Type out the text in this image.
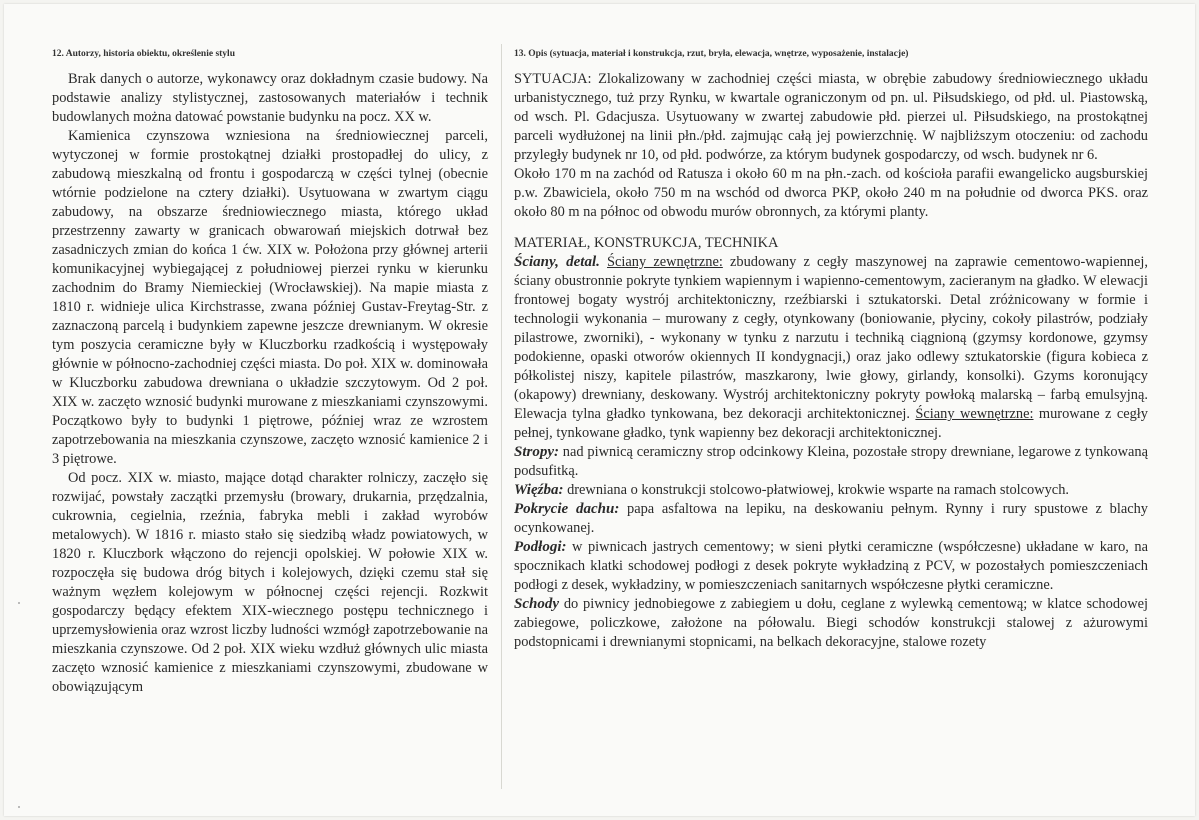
12. Autorzy, historia obiektu, określenie stylu	13. Opis (sytuacja, materiał i konstrukcja, rzut, bryła, elewacja, wnętrze, wyposażenie, instalacje)

Brak danych o autorze, wykonawcy oraz dokładnym czasie budowy. Na podstawie analizy stylistycznej, zastosowanych materiałów i technik budowlanych można datować powstanie budynku na pocz. XX w.

Kamienica czynszowa wzniesiona na średniowiecznej parceli, wytyczonej w formie prostokątnej działki prostopadłej do ulicy, z zabudową mieszkalną od frontu i gospodarczą w części tylnej (obecnie wtórnie podzielone na cztery działki). Usytuowana w zwartym ciągu zabudowy, na obszarze średniowiecznego miasta, którego układ przestrzenny zawarty w granicach obwarowań miejskich dotrwał bez zasadniczych zmian do końca 1 ćw. XIX w. Położona przy głównej arterii komunikacyjnej wybiegającej z południowej pierzei rynku w kierunku zachodnim do Bramy Niemieckiej (Wrocławskiej). Na mapie miasta z 1810 r. widnieje ulica Kirchstrasse, zwana później Gustav-Freytag-Str. z zaznaczoną parcelą i budynkiem zapewne jeszcze drewnianym. W okresie tym poszycia ceramiczne były w Kluczborku rzadkością i występowały głównie w północno-zachodniej części miasta. Do poł. XIX w. dominowała w Kluczborku zabudowa drewniana o układzie szczytowym. Od 2 poł. XIX w. zaczęto wznosić budynki murowane z mieszkaniami czynszowymi. Początkowo były to budynki 1 piętrowe, później wraz ze wzrostem zapotrzebowania na mieszkania czynszowe, zaczęto wznosić kamienice 2 i 3 piętrowe.

Od pocz. XIX w. miasto, mające dotąd charakter rolniczy, zaczęło się rozwijać, powstały zaczątki przemysłu (browary, drukarnia, przędzalnia, cukrownia, cegielnia, rzeźnia, fabryka mebli i zakład wyrobów metalowych). W 1816 r. miasto stało się siedzibą władz powiatowych, w 1820 r. Kluczbork włączono do rejencji opolskiej. W połowie XIX w. rozpoczęła się budowa dróg bitych i kolejowych, dzięki czemu stał się ważnym węzłem kolejowym w północnej części rejencji. Rozkwit gospodarczy będący efektem XIX-wiecznego postępu technicznego i uprzemysłowienia oraz wzrost liczby ludności wzmógł zapotrzebowanie na mieszkania czynszowe. Od 2 poł. XIX wieku wzdłuż głównych ulic miasta zaczęto wznosić kamienice z mieszkaniami czynszowymi, zbudowane w obowiązującym

SYTUACJA: Zlokalizowany w zachodniej części miasta, w obrębie zabudowy średniowiecznego układu urbanistycznego, tuż przy Rynku, w kwartale ograniczonym od pn. ul. Piłsudskiego, od płd. ul. Piastowską, od wsch. Pl. Gdacjusza. Usytuowany w zwartej zabudowie płd. pierzei ul. Piłsudskiego, na prostokątnej parceli wydłużonej na linii płn./płd. zajmując całą jej powierzchnię. W najbliższym otoczeniu: od zachodu przyległy budynek nr 10, od płd. podwórze, za którym budynek gospodarczy, od wsch. budynek nr 6.

Około 170 m na zachód od Ratusza i około 60 m na płn.-zach. od kościoła parafii ewangelicko augsburskiej p.w. Zbawiciela, około 750 m na wschód od dworca PKP, około 240 m na południe od dworca PKS. oraz około 80 m na północ od obwodu murów obronnych, za którymi planty.

MATERIAŁ, KONSTRUKCJA, TECHNIKA

Ściany, detal. Ściany zewnętrzne: zbudowany z cegły maszynowej na zaprawie cementowo-wapiennej, ściany obustronnie pokryte tynkiem wapiennym i wapienno-cementowym, zacieranym na gładko. W elewacji frontowej bogaty wystrój architektoniczny, rzeźbiarski i sztukatorski. Detal zróżnicowany w formie i technologii wykonania – murowany z cegły, otynkowany (boniowanie, płyciny, cokoły pilastrów, podziały pilastrowe, zworniki), - wykonany w tynku z narzutu i techniką ciągnioną (gzymsy kordonowe, gzymsy podokienne, opaski otworów okiennych II kondygnacji,) oraz jako odlewy sztukatorskie (figura kobieca z półkolistej niszy, kapitele pilastrów, maszkarony, lwie głowy, girlandy, konsolki). Gzyms koronujący (okapowy) drewniany, deskowany. Wystrój architektoniczny pokryty powłoką malarską – farbą emulsyjną. Elewacja tylna gładko tynkowana, bez dekoracji architektonicznej. Ściany wewnętrzne: murowane z cegły pełnej, tynkowane gładko, tynk wapienny bez dekoracji architektonicznej.

Stropy: nad piwnicą ceramiczny strop odcinkowy Kleina, pozostałe stropy drewniane, legarowe z tynkowaną podsufitką.

Więźba: drewniana o konstrukcji stolcowo-płatwiowej, krokwie wsparte na ramach stolcowych.

Pokrycie dachu: papa asfaltowa na lepiku, na deskowaniu pełnym. Rynny i rury spustowe z blachy ocynkowanej.

Podłogi: w piwnicach jastrych cementowy; w sieni płytki ceramiczne (współczesne) układane w karo, na spocznikach klatki schodowej podłogi z desek pokryte wykładziną z PCV, w pozostałych pomieszczeniach podłogi z desek, wykładziny, w pomieszczeniach sanitarnych współczesne płytki ceramiczne.

Schody do piwnicy jednobiegowe z zabiegiem u dołu, ceglane z wylewką cementową; w klatce schodowej zabiegowe, policzkowe, założone na półowalu. Biegi schodów konstrukcji stalowej z ażurowymi podstopnicami i drewnianymi stopnicami, na belkach dekoracyjne, stalowe rozety
